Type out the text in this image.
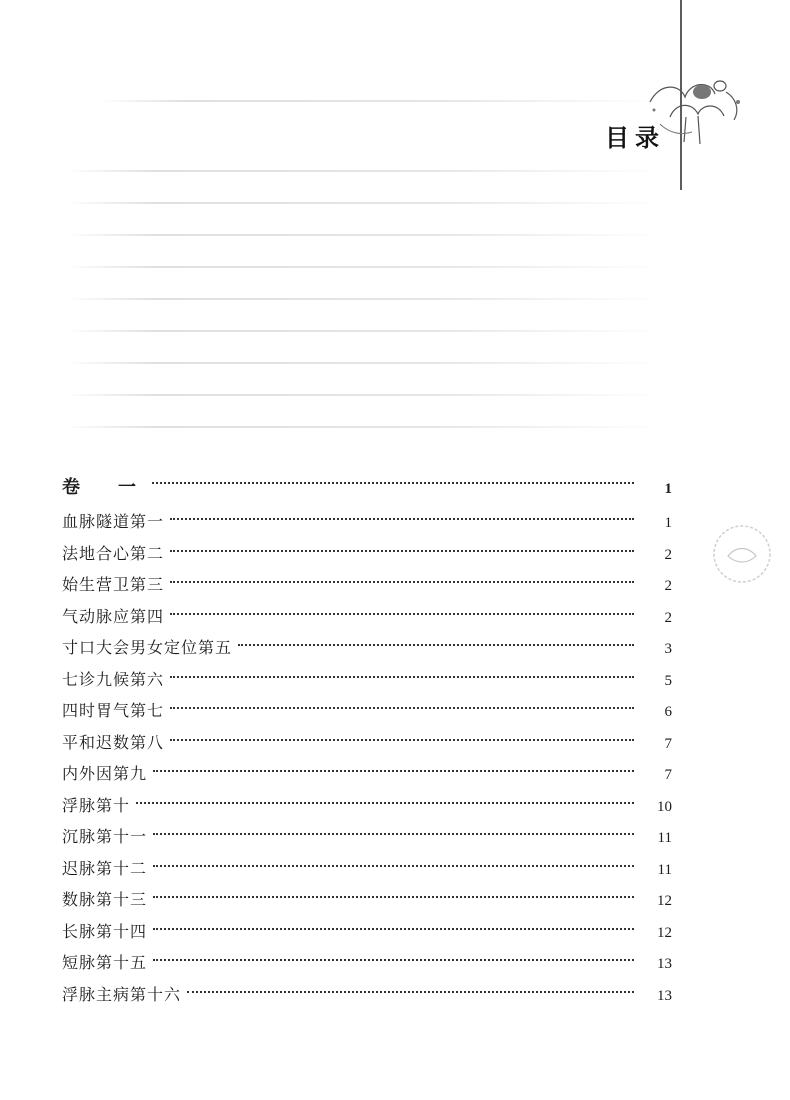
目录
卷　一	1
血脉隧道第一	1
法地合心第二	2
始生营卫第三	2
气动脉应第四	2
寸口大会男女定位第五	3
七诊九候第六	5
四时胃气第七	6
平和迟数第八	7
内外因第九	7
浮脉第十	10
沉脉第十一	11
迟脉第十二	11
数脉第十三	12
长脉第十四	12
短脉第十五	13
浮脉主病第十六	13
